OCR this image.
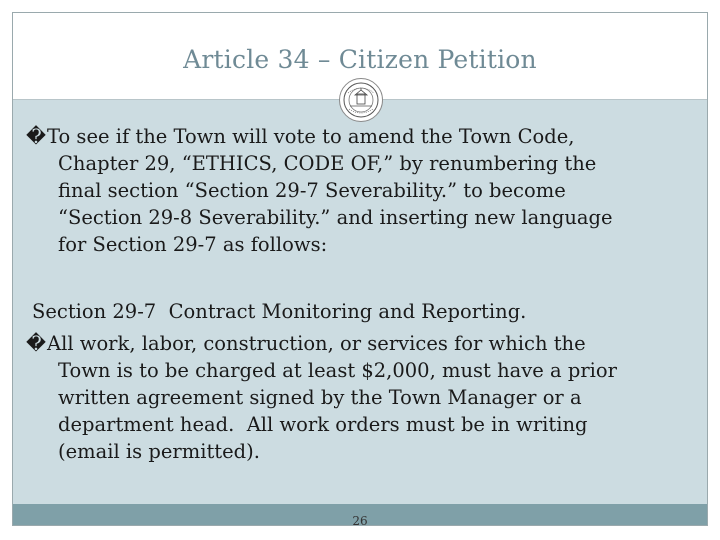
Article 34 – Citizen Petition
� To see if the Town will vote to amend the Town Code,
Chapter 29, “ETHICS, CODE OF,” by renumbering the
final section “Section 29-7 Severability.” to become
“Section 29-8 Severability.” and inserting new language
for Section 29-7 as follows:
Section 29-7  Contract Monitoring and Reporting.
� All work, labor, construction, or services for which the
Town is to be charged at least $2,000, must have a prior
written agreement signed by the Town Manager or a
department head.  All work orders must be in writing
(email is permitted).
26
